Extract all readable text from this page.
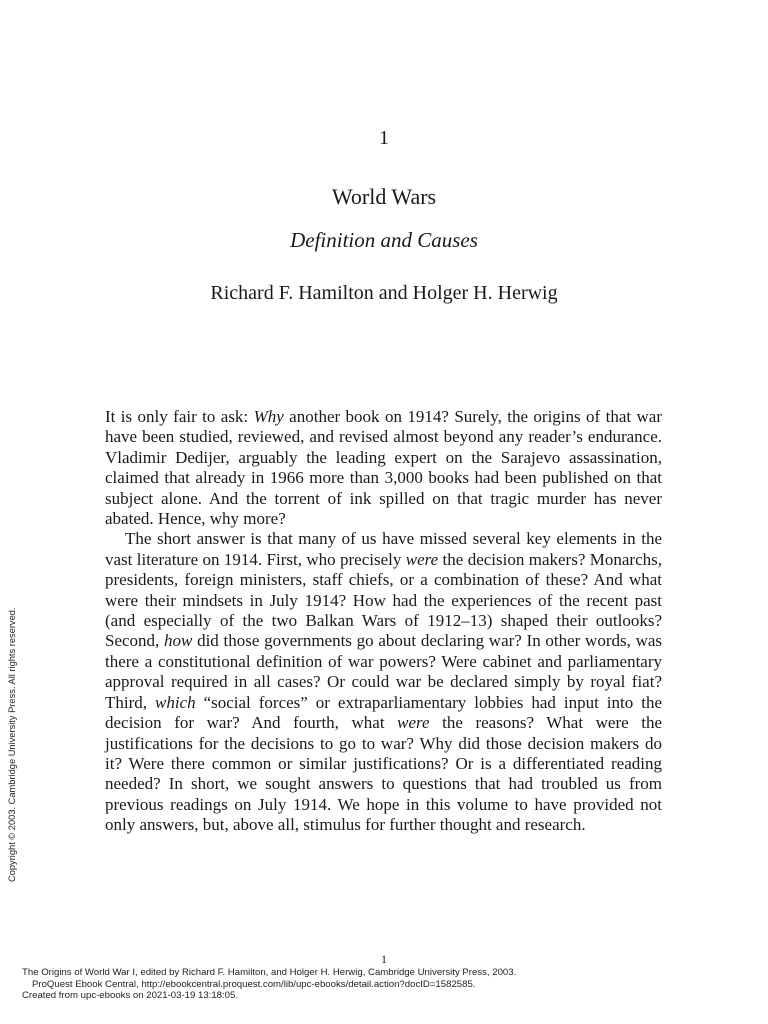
1
World Wars
Definition and Causes
Richard F. Hamilton and Holger H. Herwig

It is only fair to ask: Why another book on 1914? Surely, the origins of that war have been studied, reviewed, and revised almost beyond any reader’s endurance. Vladimir Dedijer, arguably the leading expert on the Sarajevo assassination, claimed that already in 1966 more than 3,000 books had been published on that subject alone. And the torrent of ink spilled on that tragic murder has never abated. Hence, why more?

The short answer is that many of us have missed several key elements in the vast literature on 1914. First, who precisely were the decision makers? Monarchs, presidents, foreign ministers, staff chiefs, or a combination of these? And what were their mindsets in July 1914? How had the experiences of the recent past (and especially of the two Balkan Wars of 1912–13) shaped their outlooks? Second, how did those governments go about declaring war? In other words, was there a constitutional definition of war powers? Were cabinet and parliamentary approval required in all cases? Or could war be declared simply by royal fiat? Third, which “social forces” or extraparliamentary lobbies had input into the decision for war? And fourth, what were the reasons? What were the justifications for the decisions to go to war? Why did those decision makers do it? Were there common or similar justifications? Or is a differentiated reading needed? In short, we sought answers to questions that had troubled us from previous readings on July 1914. We hope in this volume to have provided not only answers, but, above all, stimulus for further thought and research.

1
Copyright © 2003. Cambridge University Press. All rights reserved.
The Origins of World War I, edited by Richard F. Hamilton, and Holger H. Herwig, Cambridge University Press, 2003.
ProQuest Ebook Central, http://ebookcentral.proquest.com/lib/upc-ebooks/detail.action?docID=1582585.
Created from upc-ebooks on 2021-03-19 13:18:05.
